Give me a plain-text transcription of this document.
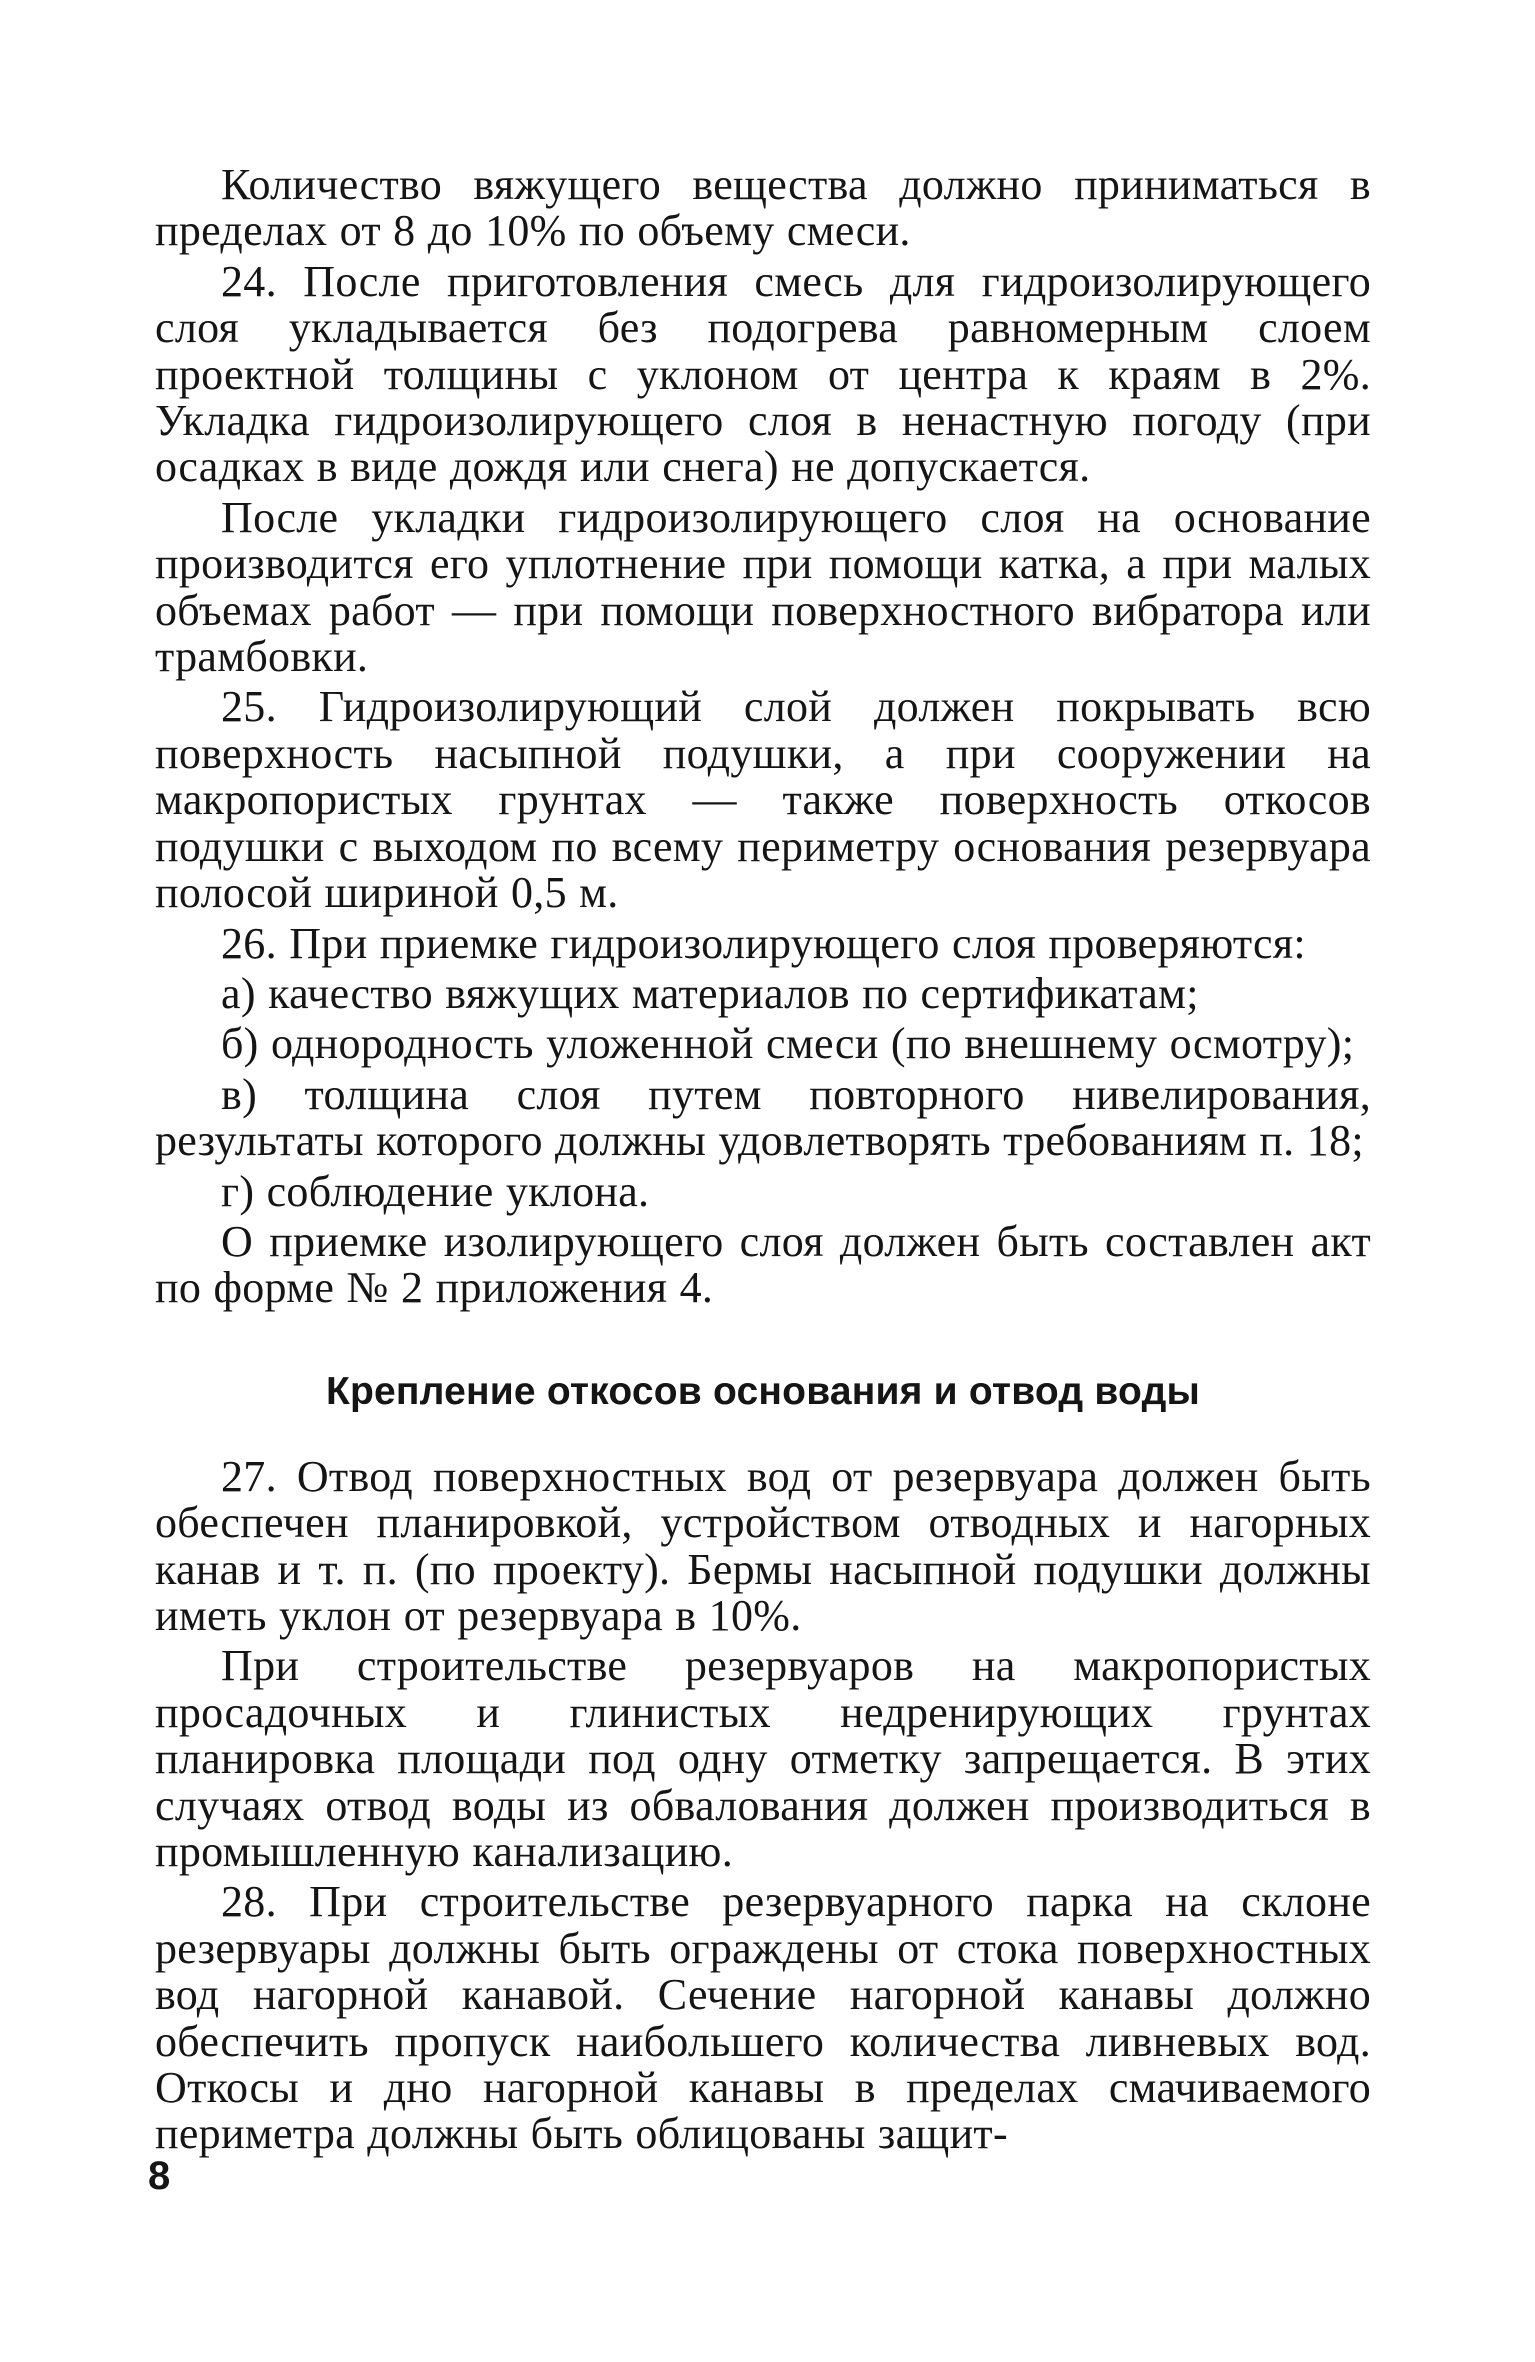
Количество вяжущего вещества должно приниматься в пределах от 8 до 10% по объему смеси.

24. После приготовления смесь для гидроизолирующего слоя укладывается без подогрева равномерным слоем проектной толщины с уклоном от центра к краям в 2%. Укладка гидроизолирующего слоя в ненастную погоду (при осадках в виде дождя или снега) не допускается.

После укладки гидроизолирующего слоя на основание производится его уплотнение при помощи катка, а при малых объемах работ — при помощи поверхностного вибратора или трамбовки.

25. Гидроизолирующий слой должен покрывать всю поверхность насыпной подушки, а при сооружении на макропористых грунтах — также поверхность откосов подушки с выходом по всему периметру основания резервуара полосой шириной 0,5 м.

26. При приемке гидроизолирующего слоя проверяются:

а) качество вяжущих материалов по сертификатам;

б) однородность уложенной смеси (по внешнему осмотру);

в) толщина слоя путем повторного нивелирования, результаты которого должны удовлетворять требованиям п. 18;

г) соблюдение уклона.

О приемке изолирующего слоя должен быть составлен акт по форме № 2 приложения 4.

Крепление откосов основания и отвод воды

27. Отвод поверхностных вод от резервуара должен быть обеспечен планировкой, устройством отводных и нагорных канав и т. п. (по проекту). Бермы насыпной подушки должны иметь уклон от резервуара в 10%.

При строительстве резервуаров на макропористых просадочных и глинистых недренирующих грунтах планировка площади под одну отметку запрещается. В этих случаях отвод воды из обвалования должен производиться в промышленную канализацию.

28. При строительстве резервуарного парка на склоне резервуары должны быть ограждены от стока поверхностных вод нагорной канавой. Сечение нагорной канавы должно обеспечить пропуск наибольшего количества ливневых вод. Откосы и дно нагорной канавы в пределах смачиваемого периметра должны быть облицованы защит-

8
